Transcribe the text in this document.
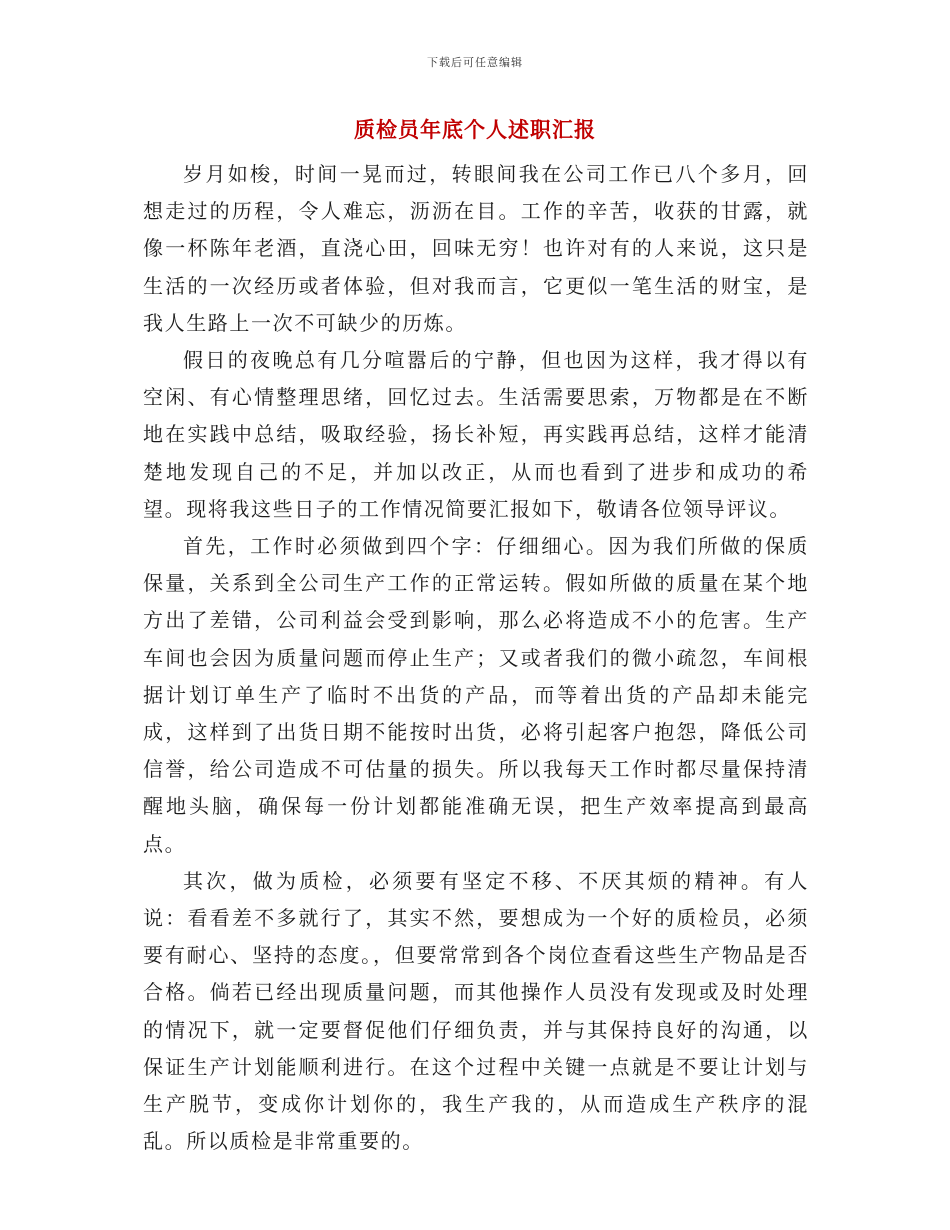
下载后可任意编辑
质检员年底个人述职汇报

岁月如梭，时间一晃而过，转眼间我在公司工作已八个多月，回想走过的历程，令人难忘，沥沥在目。工作的辛苦，收获的甘露，就像一杯陈年老酒，直浇心田，回味无穷！也许对有的人来说，这只是生活的一次经历或者体验，但对我而言，它更似一笔生活的财宝，是我人生路上一次不可缺少的历炼。

假日的夜晚总有几分喧嚣后的宁静，但也因为这样，我才得以有空闲、有心情整理思绪，回忆过去。生活需要思索，万物都是在不断地在实践中总结，吸取经验，扬长补短，再实践再总结，这样才能清楚地发现自己的不足，并加以改正，从而也看到了进步和成功的希望。现将我这些日子的工作情况简要汇报如下，敬请各位领导评议。

首先，工作时必须做到四个字：仔细细心。因为我们所做的保质保量，关系到全公司生产工作的正常运转。假如所做的质量在某个地方出了差错，公司利益会受到影响，那么必将造成不小的危害。生产车间也会因为质量问题而停止生产；又或者我们的微小疏忽，车间根据计划订单生产了临时不出货的产品，而等着出货的产品却未能完成，这样到了出货日期不能按时出货，必将引起客户抱怨，降低公司信誉，给公司造成不可估量的损失。所以我每天工作时都尽量保持清醒地头脑，确保每一份计划都能准确无误，把生产效率提高到最高点。

其次，做为质检，必须要有坚定不移、不厌其烦的精神。有人说：看看差不多就行了，其实不然，要想成为一个好的质检员，必须要有耐心、坚持的态度。，但要常常到各个岗位查看这些生产物品是否合格。倘若已经出现质量问题，而其他操作人员没有发现或及时处理的情况下，就一定要督促他们仔细负责，并与其保持良好的沟通，以保证生产计划能顺利进行。在这个过程中关键一点就是不要让计划与生产脱节，变成你计划你的，我生产我的，从而造成生产秩序的混乱。所以质检是非常重要的。
